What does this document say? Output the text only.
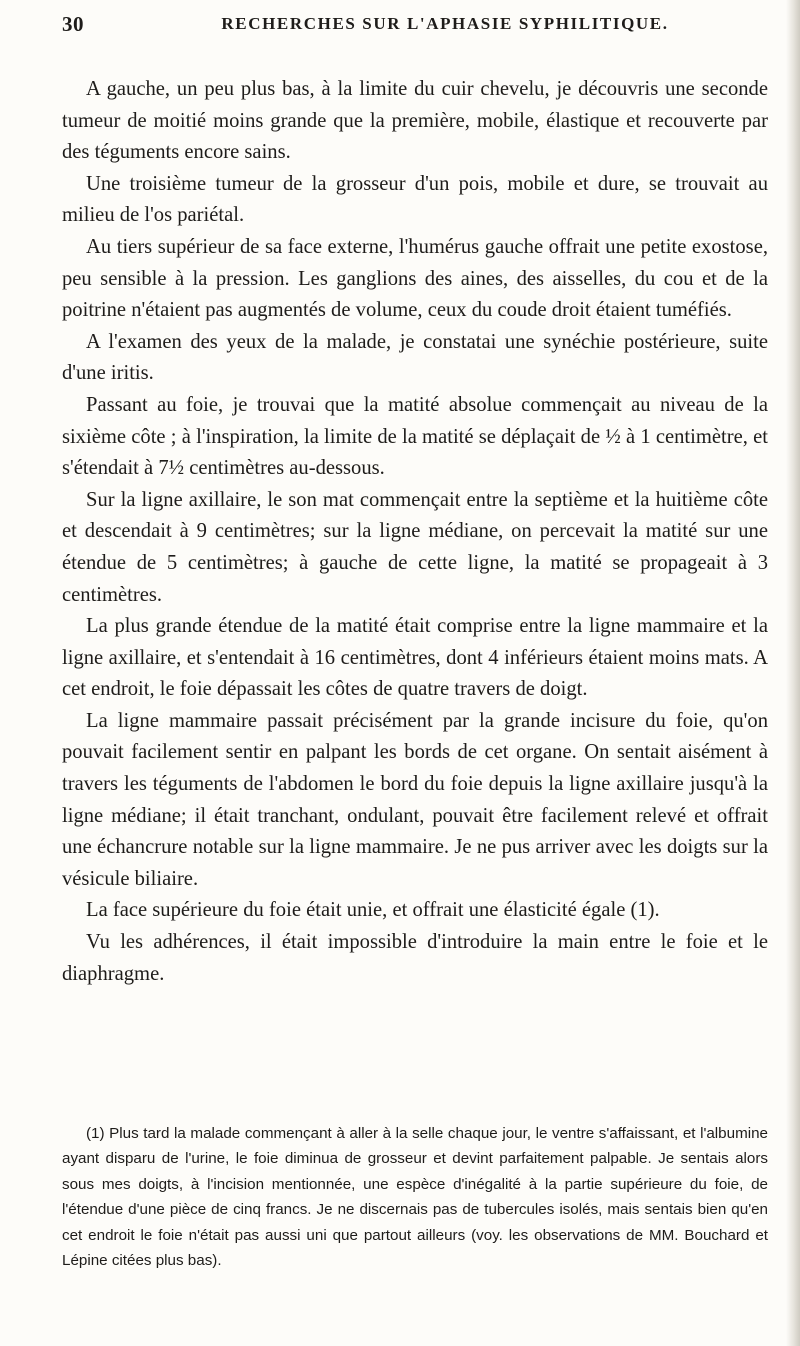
30	RECHERCHES SUR L'APHASIE SYPHILITIQUE.

A gauche, un peu plus bas, à la limite du cuir chevelu, je découvris une seconde tumeur de moitié moins grande que la première, mobile, élastique et recouverte par des téguments encore sains.

Une troisième tumeur de la grosseur d'un pois, mobile et dure, se trouvait au milieu de l'os pariétal.

Au tiers supérieur de sa face externe, l'humérus gauche offrait une petite exostose, peu sensible à la pression. Les ganglions des aines, des aisselles, du cou et de la poitrine n'étaient pas augmentés de volume, ceux du coude droit étaient tuméfiés.

A l'examen des yeux de la malade, je constatai une synéchie postérieure, suite d'une iritis.

Passant au foie, je trouvai que la matité absolue commençait au niveau de la sixième côte ; à l'inspiration, la limite de la matité se déplaçait de ½ à 1 centimètre, et s'étendait à 7½ centimètres au-dessous.

Sur la ligne axillaire, le son mat commençait entre la septième et la huitième côte et descendait à 9 centimètres; sur la ligne médiane, on percevait la matité sur une étendue de 5 centimètres; à gauche de cette ligne, la matité se propageait à 3 centimètres.

La plus grande étendue de la matité était comprise entre la ligne mammaire et la ligne axillaire, et s'entendait à 16 centimètres, dont 4 inférieurs étaient moins mats. A cet endroit, le foie dépassait les côtes de quatre travers de doigt.

La ligne mammaire passait précisément par la grande incisure du foie, qu'on pouvait facilement sentir en palpant les bords de cet organe. On sentait aisément à travers les téguments de l'abdomen le bord du foie depuis la ligne axillaire jusqu'à la ligne médiane; il était tranchant, ondulant, pouvait être facilement relevé et offrait une échancrure notable sur la ligne mammaire. Je ne pus arriver avec les doigts sur la vésicule biliaire.

La face supérieure du foie était unie, et offrait une élasticité égale (1).

Vu les adhérences, il était impossible d'introduire la main entre le foie et le diaphragme.

(1) Plus tard la malade commençant à aller à la selle chaque jour, le ventre s'affaissant, et l'albumine ayant disparu de l'urine, le foie diminua de grosseur et devint parfaitement palpable. Je sentais alors sous mes doigts, à l'incision mentionnée, une espèce d'inégalité à la partie supérieure du foie, de l'étendue d'une pièce de cinq francs. Je ne discernais pas de tubercules isolés, mais sentais bien qu'en cet endroit le foie n'était pas aussi uni que partout ailleurs (voy. les observations de MM. Bouchard et Lépine citées plus bas).
